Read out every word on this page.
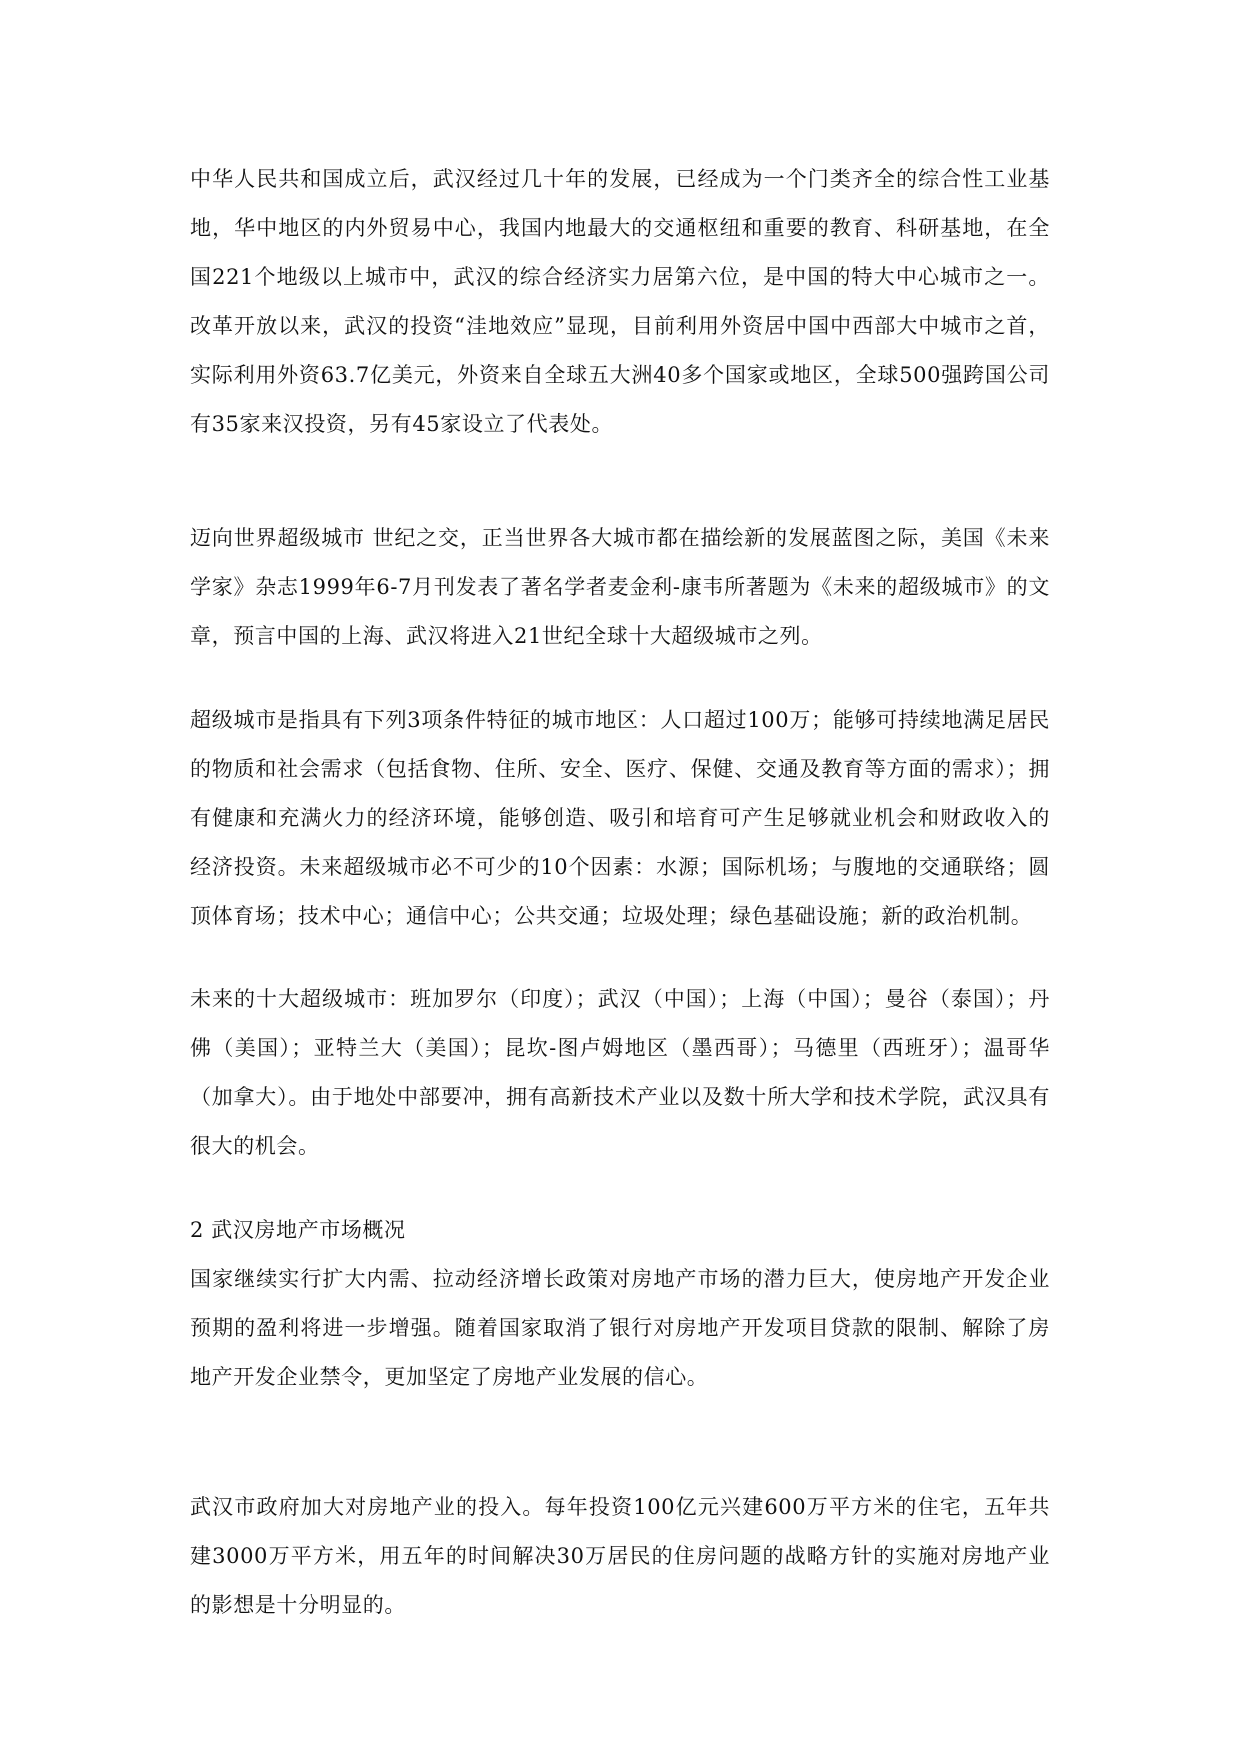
中华人民共和国成立后，武汉经过几十年的发展，已经成为一个门类齐全的综合性工业基地，华中地区的内外贸易中心，我国内地最大的交通枢纽和重要的教育、科研基地，在全国221个地级以上城市中，武汉的综合经济实力居第六位，是中国的特大中心城市之一。改革开放以来，武汉的投资“洼地效应”显现，目前利用外资居中国中西部大中城市之首，实际利用外资63.7亿美元，外资来自全球五大洲40多个国家或地区，全球500强跨国公司有35家来汉投资，另有45家设立了代表处。

迈向世界超级城市 世纪之交，正当世界各大城市都在描绘新的发展蓝图之际，美国《未来学家》杂志1999年6-7月刊发表了著名学者麦金利-康韦所著题为《未来的超级城市》的文章，预言中国的上海、武汉将进入21世纪全球十大超级城市之列。

超级城市是指具有下列3项条件特征的城市地区：人口超过100万；能够可持续地满足居民的物质和社会需求（包括食物、住所、安全、医疗、保健、交通及教育等方面的需求）；拥有健康和充满火力的经济环境，能够创造、吸引和培育可产生足够就业机会和财政收入的经济投资。未来超级城市必不可少的10个因素：水源；国际机场；与腹地的交通联络；圆顶体育场；技术中心；通信中心；公共交通；垃圾处理；绿色基础设施；新的政治机制。

未来的十大超级城市：班加罗尔（印度）；武汉（中国）；上海（中国）；曼谷（泰国）；丹佛（美国）；亚特兰大（美国）；昆坎-图卢姆地区（墨西哥）；马德里（西班牙）；温哥华（加拿大）。由于地处中部要冲，拥有高新技术产业以及数十所大学和技术学院，武汉具有很大的机会。

2 武汉房地产市场概况

国家继续实行扩大内需、拉动经济增长政策对房地产市场的潜力巨大，使房地产开发企业预期的盈利将进一步增强。随着国家取消了银行对房地产开发项目贷款的限制、解除了房地产开发企业禁令，更加坚定了房地产业发展的信心。

武汉市政府加大对房地产业的投入。每年投资100亿元兴建600万平方米的住宅，五年共建3000万平方米，用五年的时间解决30万居民的住房问题的战略方针的实施对房地产业的影想是十分明显的。
